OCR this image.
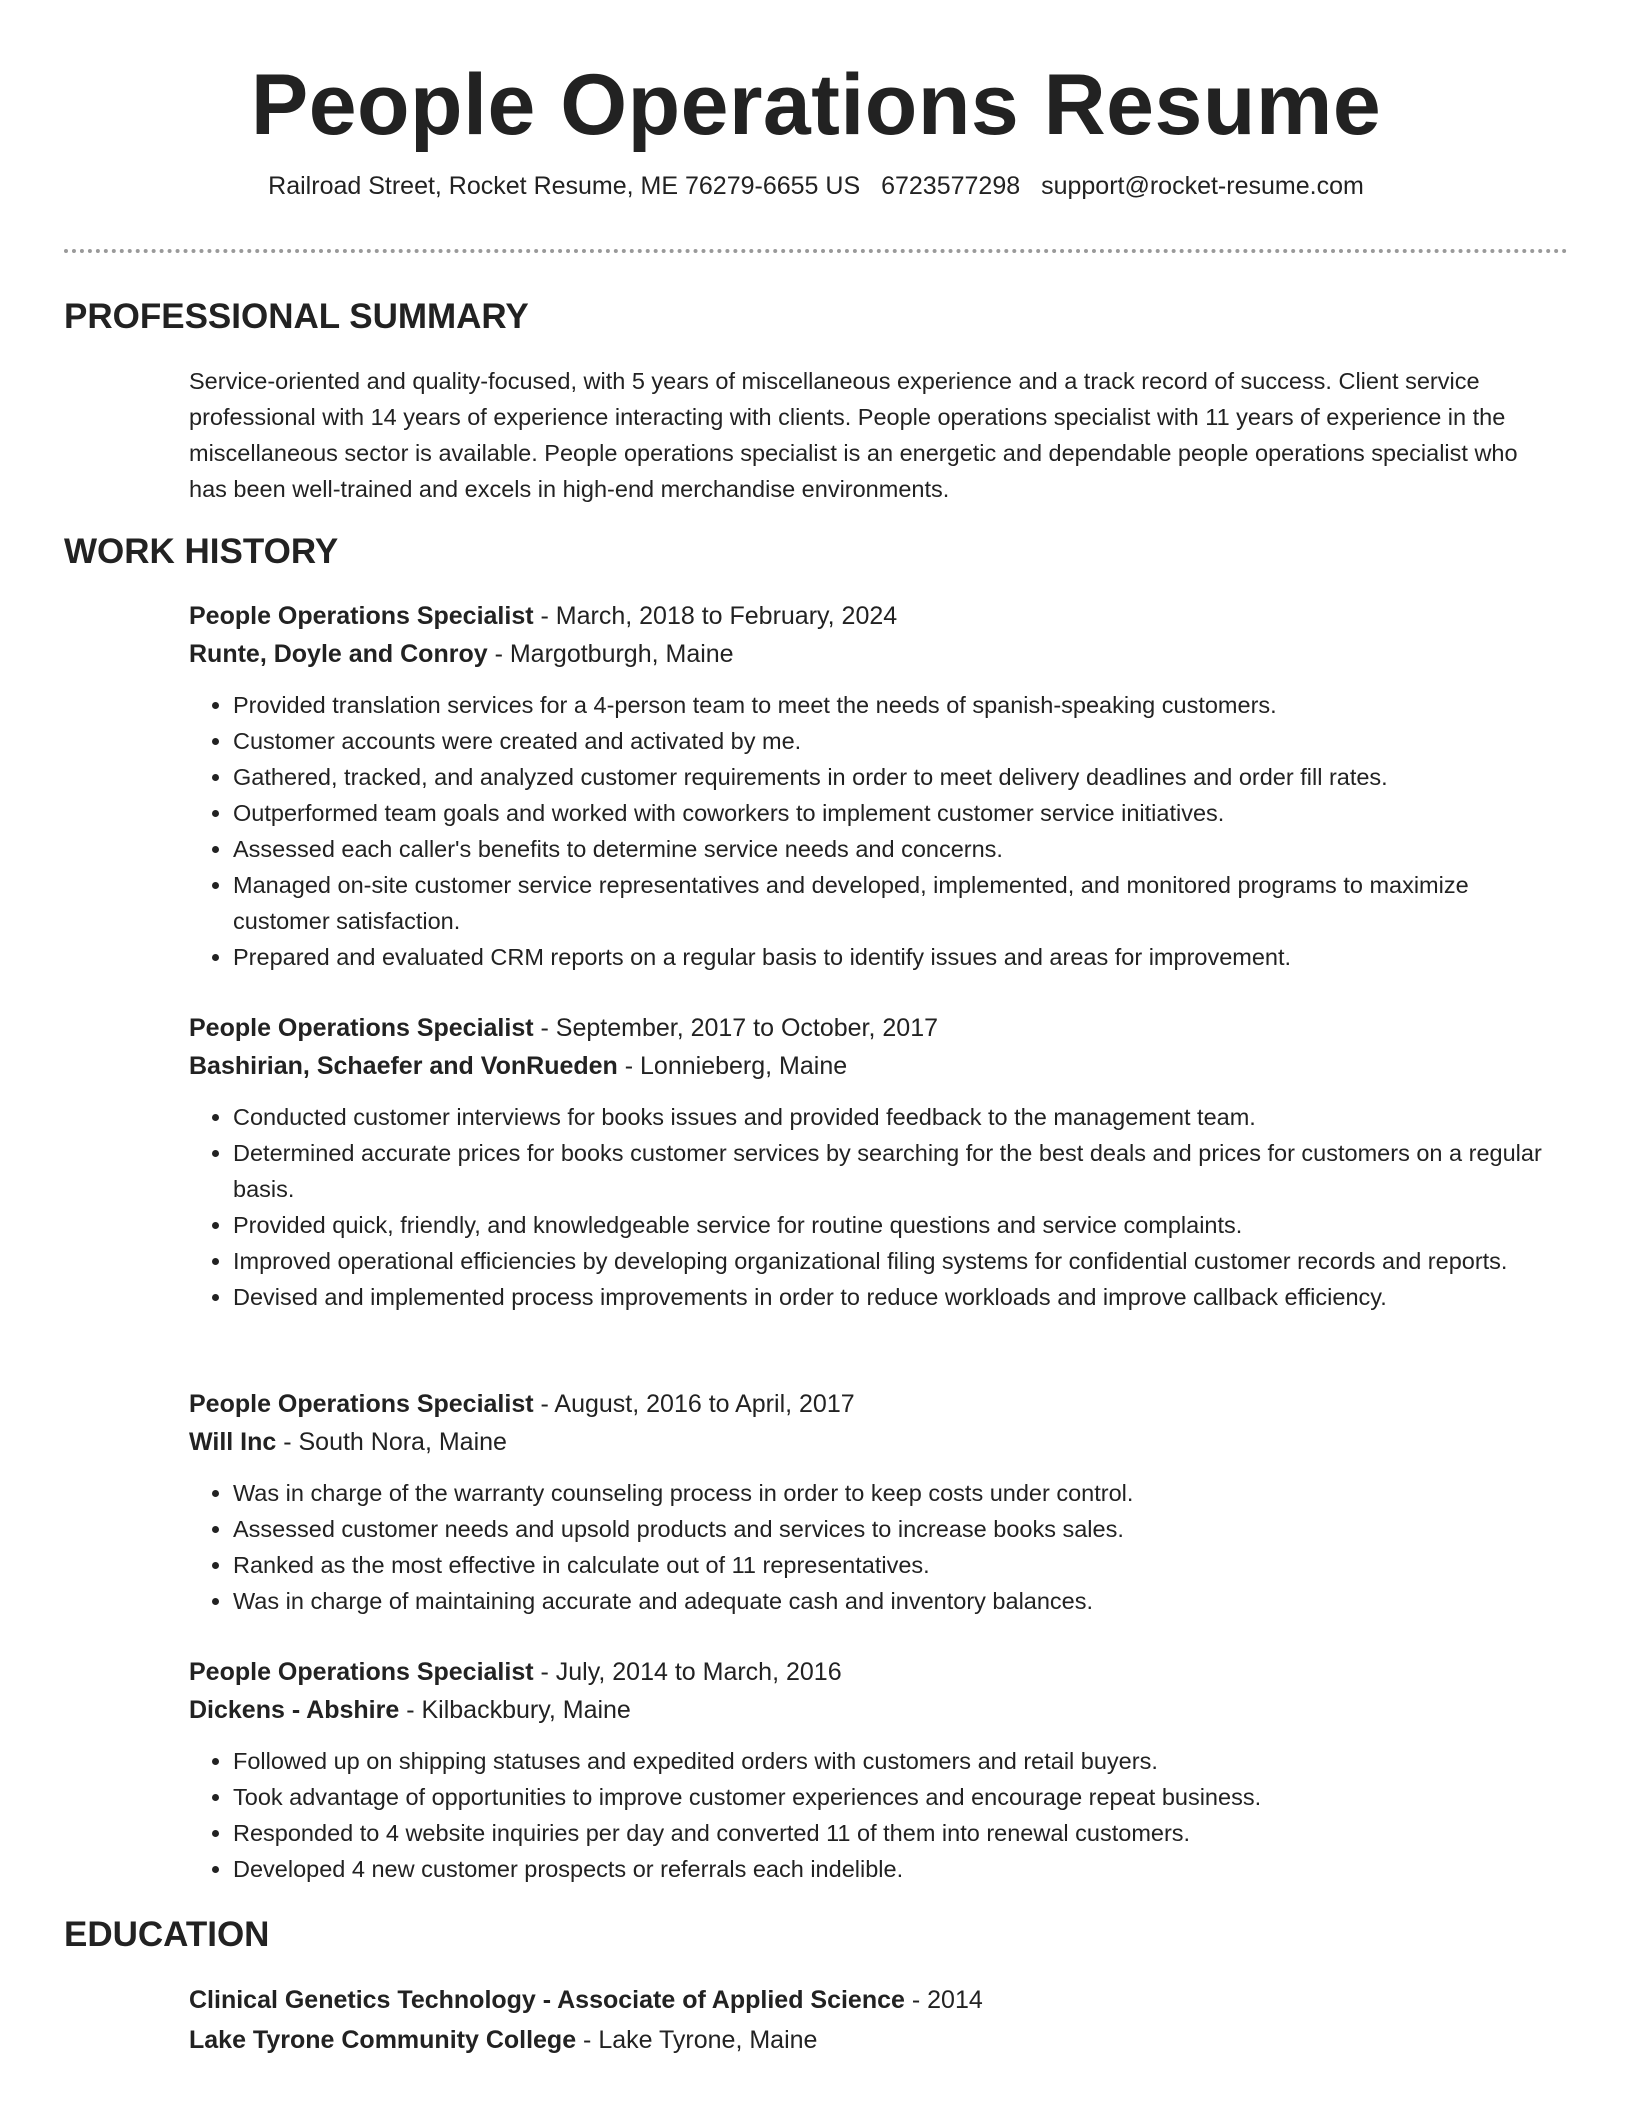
People Operations Resume
Railroad Street, Rocket Resume, ME 76279-6655 US 6723577298 support@rocket-resume.com
PROFESSIONAL SUMMARY
Service-oriented and quality-focused, with 5 years of miscellaneous experience and a track record of success. Client service professional with 14 years of experience interacting with clients. People operations specialist with 11 years of experience in the miscellaneous sector is available. People operations specialist is an energetic and dependable people operations specialist who has been well-trained and excels in high-end merchandise environments.
WORK HISTORY
People Operations Specialist - March, 2018 to February, 2024
Runte, Doyle and Conroy - Margotburgh, Maine
• Provided translation services for a 4-person team to meet the needs of spanish-speaking customers.
• Customer accounts were created and activated by me.
• Gathered, tracked, and analyzed customer requirements in order to meet delivery deadlines and order fill rates.
• Outperformed team goals and worked with coworkers to implement customer service initiatives.
• Assessed each caller's benefits to determine service needs and concerns.
• Managed on-site customer service representatives and developed, implemented, and monitored programs to maximize customer satisfaction.
• Prepared and evaluated CRM reports on a regular basis to identify issues and areas for improvement.
People Operations Specialist - September, 2017 to October, 2017
Bashirian, Schaefer and VonRueden - Lonnieberg, Maine
• Conducted customer interviews for books issues and provided feedback to the management team.
• Determined accurate prices for books customer services by searching for the best deals and prices for customers on a regular basis.
• Provided quick, friendly, and knowledgeable service for routine questions and service complaints.
• Improved operational efficiencies by developing organizational filing systems for confidential customer records and reports.
• Devised and implemented process improvements in order to reduce workloads and improve callback efficiency.
People Operations Specialist - August, 2016 to April, 2017
Will Inc - South Nora, Maine
• Was in charge of the warranty counseling process in order to keep costs under control.
• Assessed customer needs and upsold products and services to increase books sales.
• Ranked as the most effective in calculate out of 11 representatives.
• Was in charge of maintaining accurate and adequate cash and inventory balances.
People Operations Specialist - July, 2014 to March, 2016
Dickens - Abshire - Kilbackbury, Maine
• Followed up on shipping statuses and expedited orders with customers and retail buyers.
• Took advantage of opportunities to improve customer experiences and encourage repeat business.
• Responded to 4 website inquiries per day and converted 11 of them into renewal customers.
• Developed 4 new customer prospects or referrals each indelible.
EDUCATION
Clinical Genetics Technology - Associate of Applied Science - 2014
Lake Tyrone Community College - Lake Tyrone, Maine
